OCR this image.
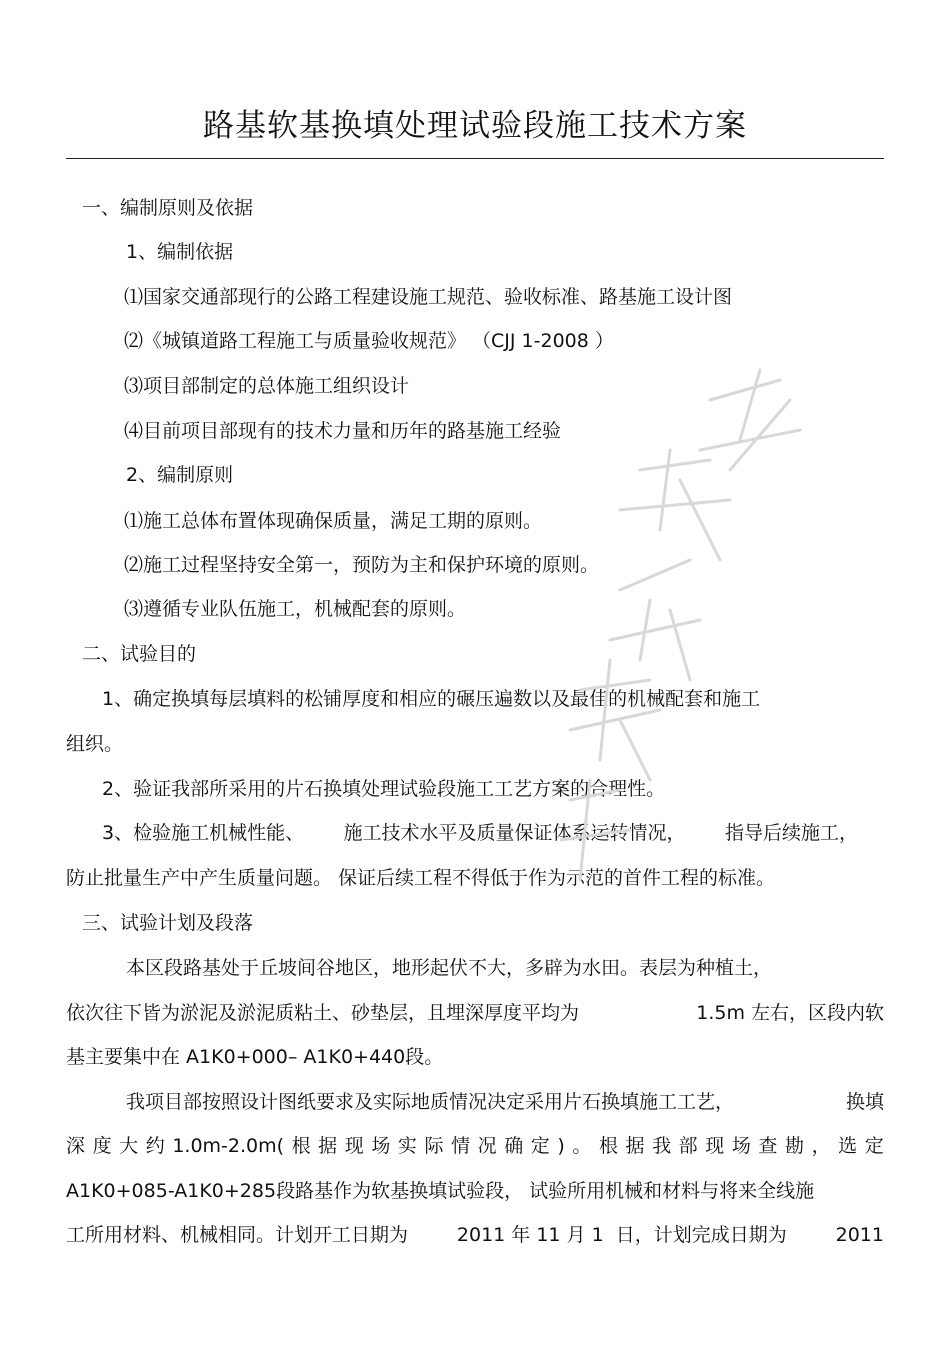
路基软基换填处理试验段施工技术方案
一、编制原则及依据
1、编制依据
⑴国家交通部现行的公路工程建设施工规范、验收标准、路基施工设计图
⑵《城镇道路工程施工与质量验收规范》 （CJJ 1-2008 ）
⑶项目部制定的总体施工组织设计
⑷目前项目部现有的技术力量和历年的路基施工经验
2、编制原则
⑴施工总体布置体现确保质量，满足工期的原则。
⑵施工过程坚持安全第一，预防为主和保护环境的原则。
⑶遵循专业队伍施工，机械配套的原则。
二、试验目的
1、确定换填每层填料的松铺厚度和相应的碾压遍数以及最佳的机械配套和施工
组织。
2、验证我部所采用的片石换填处理试验段施工工艺方案的合理性。
3、检验施工机械性能、 施工技术水平及质量保证体系运转情况， 指导后续施工，
防止批量生产中产生质量问题。 保证后续工程不得低于作为示范的首件工程的标准。
三、试验计划及段落
本区段路基处于丘坡间谷地区，地形起伏不大，多辟为水田。表层为种植土，
依次往下皆为淤泥及淤泥质粘土、砂垫层，且埋深厚度平均为	1.5m 左右，区段内软
基主要集中在 A1K0+000– A1K0+440段。
我项目部按照设计图纸要求及实际地质情况决定采用片石换填施工工艺，	换填
深 度 大 约 1.0m-2.0m( 根 据 现 场 实 际 情 况 确 定 ) 。 根 据 我 部 现 场 查 勘 ， 选 定
A1K0+085-A1K0+285段路基作为软基换填试验段， 试验所用机械和材料与将来全线施
工所用材料、机械相同。计划开工日期为	2011 年 11 月 1  日，计划完成日期为	2011
